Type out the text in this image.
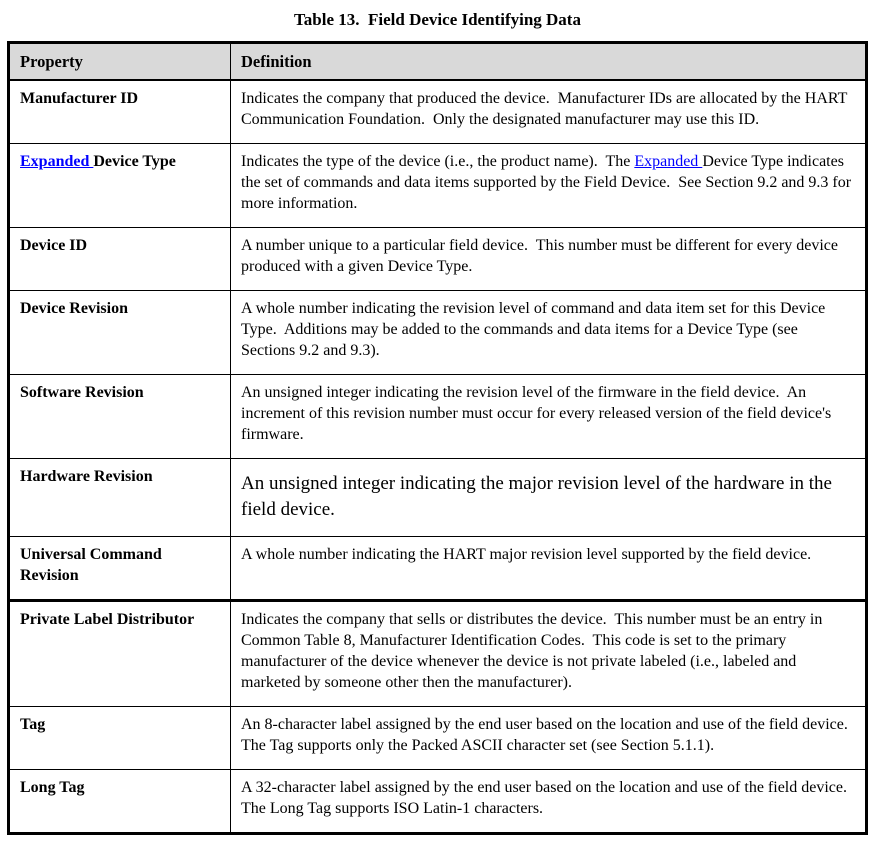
Table 13.  Field Device Identifying Data
Property	Definition
Manufacturer ID	Indicates the company that produced the device.  Manufacturer IDs are allocated by the HART Communication Foundation.  Only the designated manufacturer may use this ID.
Expanded Device Type	Indicates the type of the device (i.e., the product name).  The Expanded Device Type indicates the set of commands and data items supported by the Field Device.  See Section 9.2 and 9.3 for more information.
Device ID	A number unique to a particular field device.  This number must be different for every device produced with a given Device Type.
Device Revision	A whole number indicating the revision level of command and data item set for this Device Type.  Additions may be added to the commands and data items for a Device Type (see Sections 9.2 and 9.3).
Software Revision	An unsigned integer indicating the revision level of the firmware in the field device.  An increment of this revision number must occur for every released version of the field device's firmware.
Hardware Revision	An unsigned integer indicating the major revision level of the hardware in the field device.
Universal Command Revision	A whole number indicating the HART major revision level supported by the field device.
Private Label Distributor	Indicates the company that sells or distributes the device.  This number must be an entry in Common Table 8, Manufacturer Identification Codes.  This code is set to the primary manufacturer of the device whenever the device is not private labeled (i.e., labeled and marketed by someone other then the manufacturer).
Tag	An 8-character label assigned by the end user based on the location and use of the field device.  The Tag supports only the Packed ASCII character set (see Section 5.1.1).
Long Tag	A 32-character label assigned by the end user based on the location and use of the field device.  The Long Tag supports ISO Latin-1 characters.
